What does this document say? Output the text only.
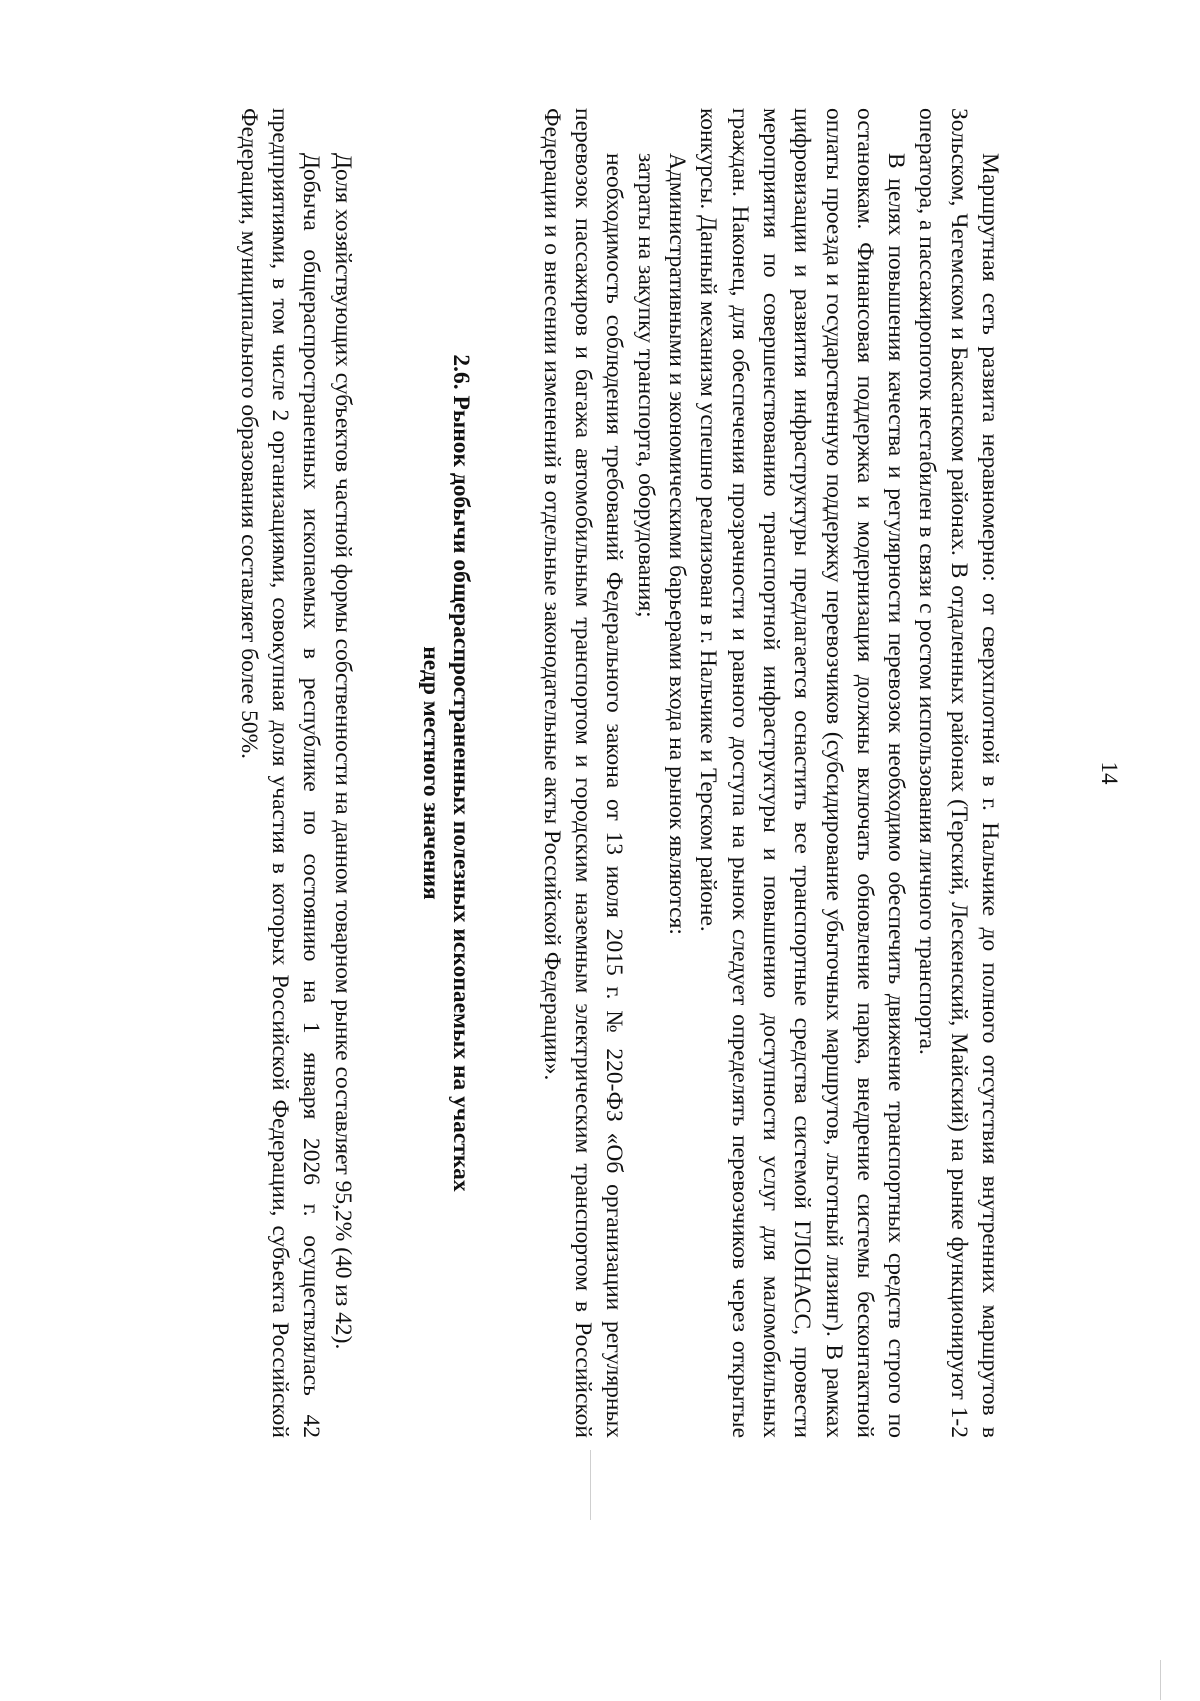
14

Маршрутная сеть развита неравномерно: от сверхплотной в г. Нальчике до полного отсутствия внутренних маршрутов в Зольском, Чегемском и Баксанском районах. В отдаленных районах (Терский, Лескенский, Майский) на рынке функционируют 1-2 оператора, а пассажиропоток нестабилен в связи с ростом использования личного транспорта.

В целях повышения качества и регулярности перевозок необходимо обеспечить движение транспортных средств строго по остановкам. Финансовая поддержка и модернизация должны включать обновление парка, внедрение системы бесконтактной оплаты проезда и государственную поддержку перевозчиков (субсидирование убыточных маршрутов, льготный лизинг). В рамках цифровизации и развития инфраструктуры предлагается оснастить все транспортные средства системой ГЛОНАСС, провести мероприятия по совершенствованию транспортной инфраструктуры и повышению доступности услуг для маломобильных граждан. Наконец, для обеспечения прозрачности и равного доступа на рынок следует определять перевозчиков через открытые конкурсы. Данный механизм успешно реализован в г. Нальчике и Терском районе.

Административными и экономическими барьерами входа на рынок являются:

затраты на закупку транспорта, оборудования;

необходимость соблюдения требований Федерального закона от 13 июля 2015 г. № 220-ФЗ «Об организации регулярных перевозок пассажиров и багажа автомобильным транспортом и городским наземным электрическим транспортом в Российской Федерации и о внесении изменений в отдельные законодательные акты Российской Федерации».

2.6. Рынок добычи общераспространенных полезных ископаемых на участках
недр местного значения

Доля хозяйствующих субъектов частной формы собственности на данном товарном рынке составляет 95,2% (40 из 42).

Добыча общераспространенных ископаемых в республике по состоянию на 1 января 2026 г. осуществлялась 42 предприятиями, в том числе 2 организациями, совокупная доля участия в которых Российской Федерации, субъекта Российской Федерации, муниципального образования составляет более 50%.
